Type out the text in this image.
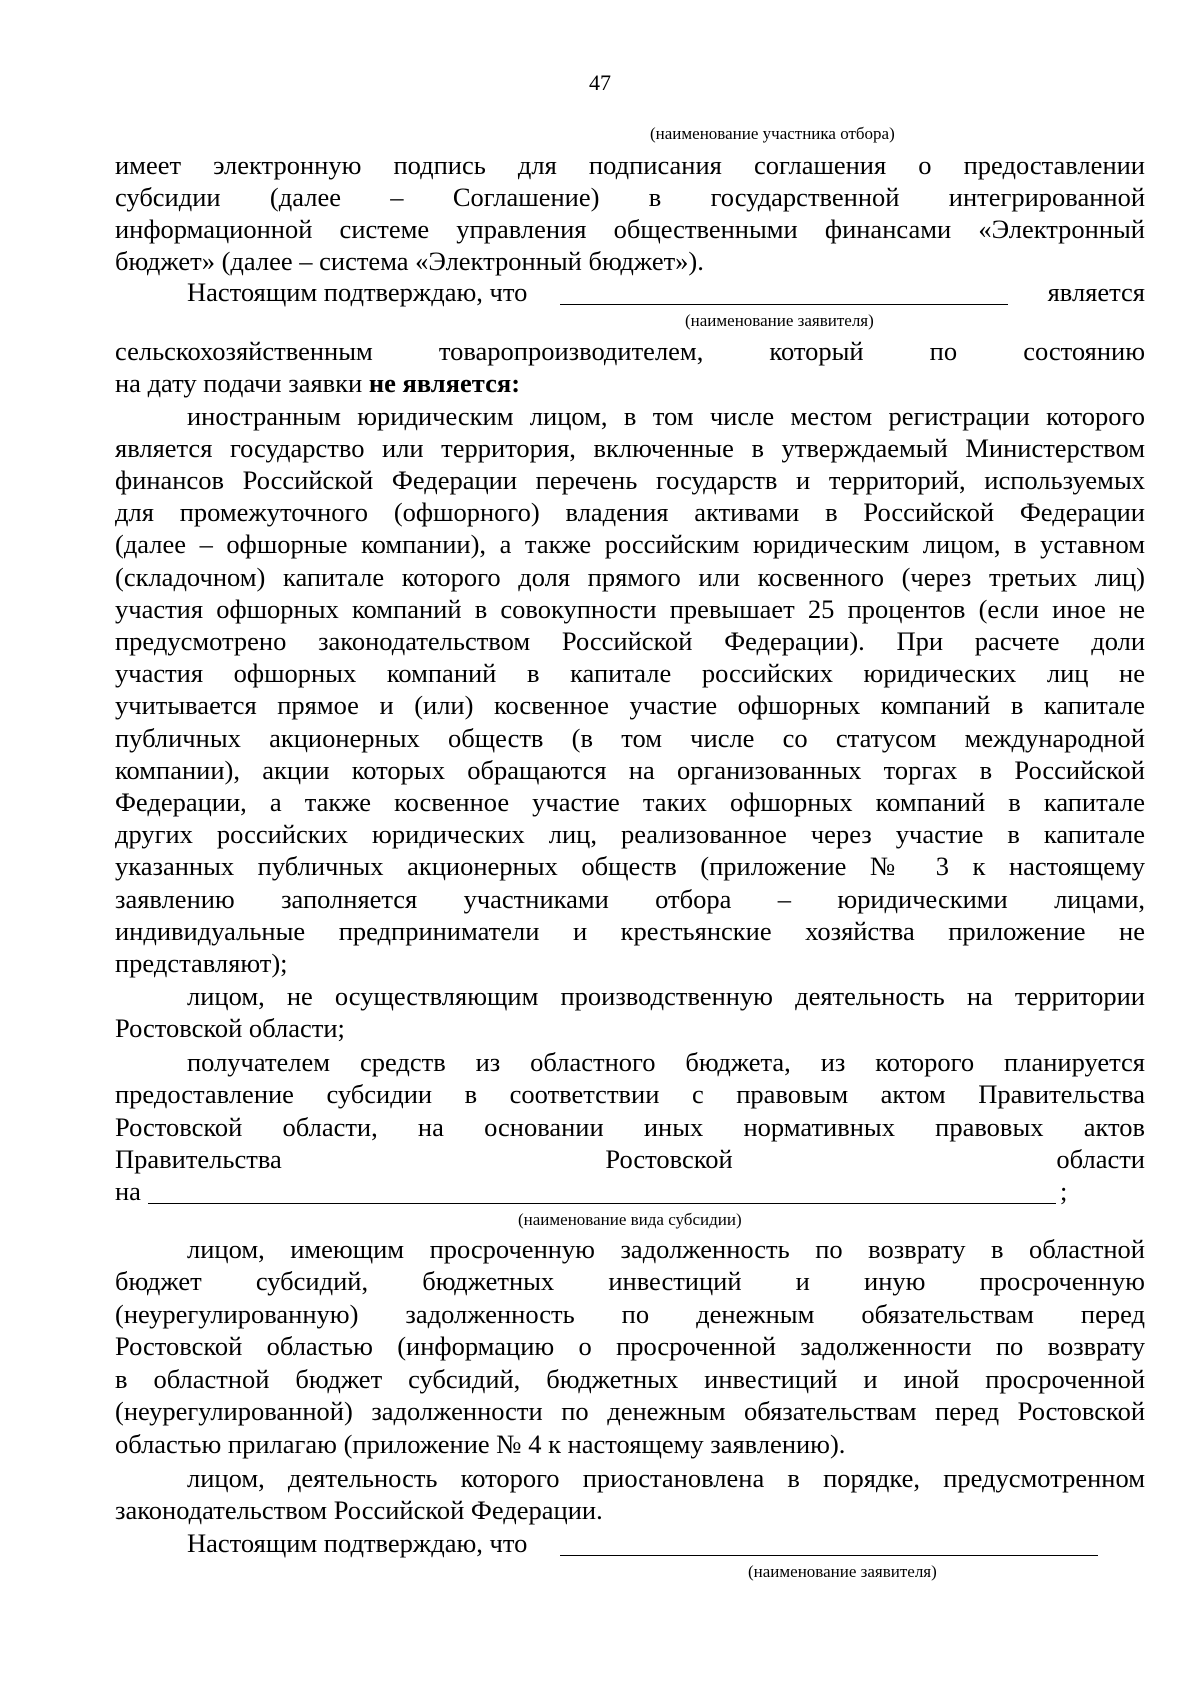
47
(наименование участника отбора)
имеет электронную подпись для подписания соглашения о предоставлении
субсидии (далее – Соглашение) в государственной интегрированной
информационной системе управления общественными финансами «Электронный
бюджет» (далее – система «Электронный бюджет»).
Настоящим подтверждаю, что	является
(наименование заявителя)
сельскохозяйственным товаропроизводителем, который по состоянию
на дату подачи заявки не является:
иностранным юридическим лицом, в том числе местом регистрации которого
является государство или территория, включенные в утверждаемый Министерством
финансов Российской Федерации перечень государств и территорий, используемых
для промежуточного (офшорного) владения активами в Российской Федерации
(далее – офшорные компании), а также российским юридическим лицом, в уставном
(складочном) капитале которого доля прямого или косвенного (через третьих лиц)
участия офшорных компаний в совокупности превышает 25 процентов (если иное не
предусмотрено законодательством Российской Федерации). При расчете доли
участия офшорных компаний в капитале российских юридических лиц не
учитывается прямое и (или) косвенное участие офшорных компаний в капитале
публичных акционерных обществ (в том числе со статусом международной
компании), акции которых обращаются на организованных торгах в Российской
Федерации, а также косвенное участие таких офшорных компаний в капитале
других российских юридических лиц, реализованное через участие в капитале
указанных публичных акционерных обществ (приложение № 3 к настоящему
заявлению заполняется участниками отбора – юридическими лицами,
индивидуальные предприниматели и крестьянские хозяйства приложение не
представляют);
лицом, не осуществляющим производственную деятельность на территории
Ростовской области;
получателем средств из областного бюджета, из которого планируется
предоставление субсидии в соответствии с правовым актом Правительства
Ростовской области, на основании иных нормативных правовых актов
Правительства Ростовской области
на	;
(наименование вида субсидии)
лицом, имеющим просроченную задолженность по возврату в областной
бюджет субсидий, бюджетных инвестиций и иную просроченную
(неурегулированную) задолженность по денежным обязательствам перед
Ростовской областью (информацию о просроченной задолженности по возврату
в областной бюджет субсидий, бюджетных инвестиций и иной просроченной
(неурегулированной) задолженности по денежным обязательствам перед Ростовской
областью прилагаю (приложение № 4 к настоящему заявлению).
лицом, деятельность которого приостановлена в порядке, предусмотренном
законодательством Российской Федерации.
Настоящим подтверждаю, что
(наименование заявителя)
